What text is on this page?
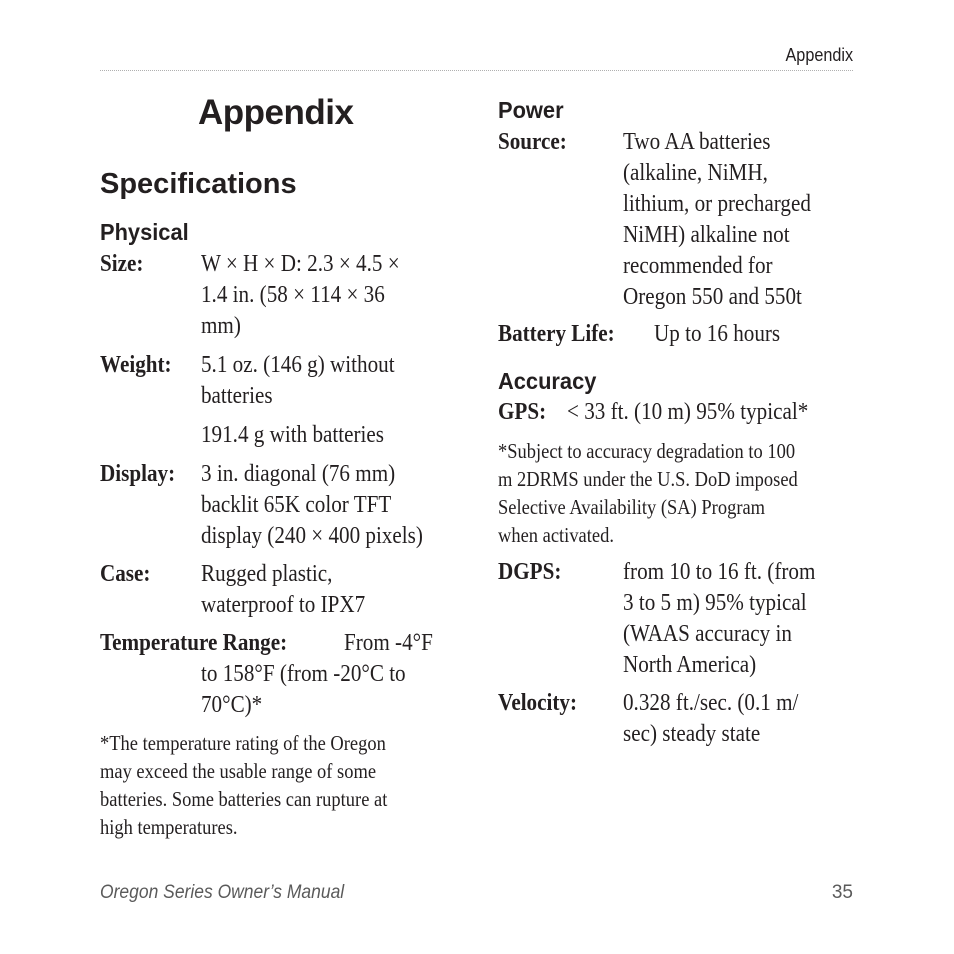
Appendix
Appendix
Specifications
Physical
Size: W × H × D: 2.3 × 4.5 ×
1.4 in. (58 × 114 × 36
mm)
Weight: 5.1 oz. (146 g) without
batteries
191.4 g with batteries
Display: 3 in. diagonal (76 mm)
backlit 65K color TFT
display (240 × 400 pixels)
Case: Rugged plastic,
waterproof to IPX7
Temperature Range: From -4°F
to 158°F (from -20°C to
70°C)*
*The temperature rating of the Oregon
may exceed the usable range of some
batteries. Some batteries can rupture at
high temperatures.
Power
Source: Two AA batteries
(alkaline, NiMH,
lithium, or precharged
NiMH) alkaline not
recommended for
Oregon 550 and 550t
Battery Life: Up to 16 hours
Accuracy
GPS: < 33 ft. (10 m) 95% typical*
*Subject to accuracy degradation to 100
m 2DRMS under the U.S. DoD imposed
Selective Availability (SA) Program
when activated.
DGPS:	from 10 to 16 ft. (from
3 to 5 m) 95% typical
(WAAS accuracy in
North America)
Velocity: 0.328 ft./sec. (0.1 m/
sec) steady state
Oregon Series Owner’s Manual	35
